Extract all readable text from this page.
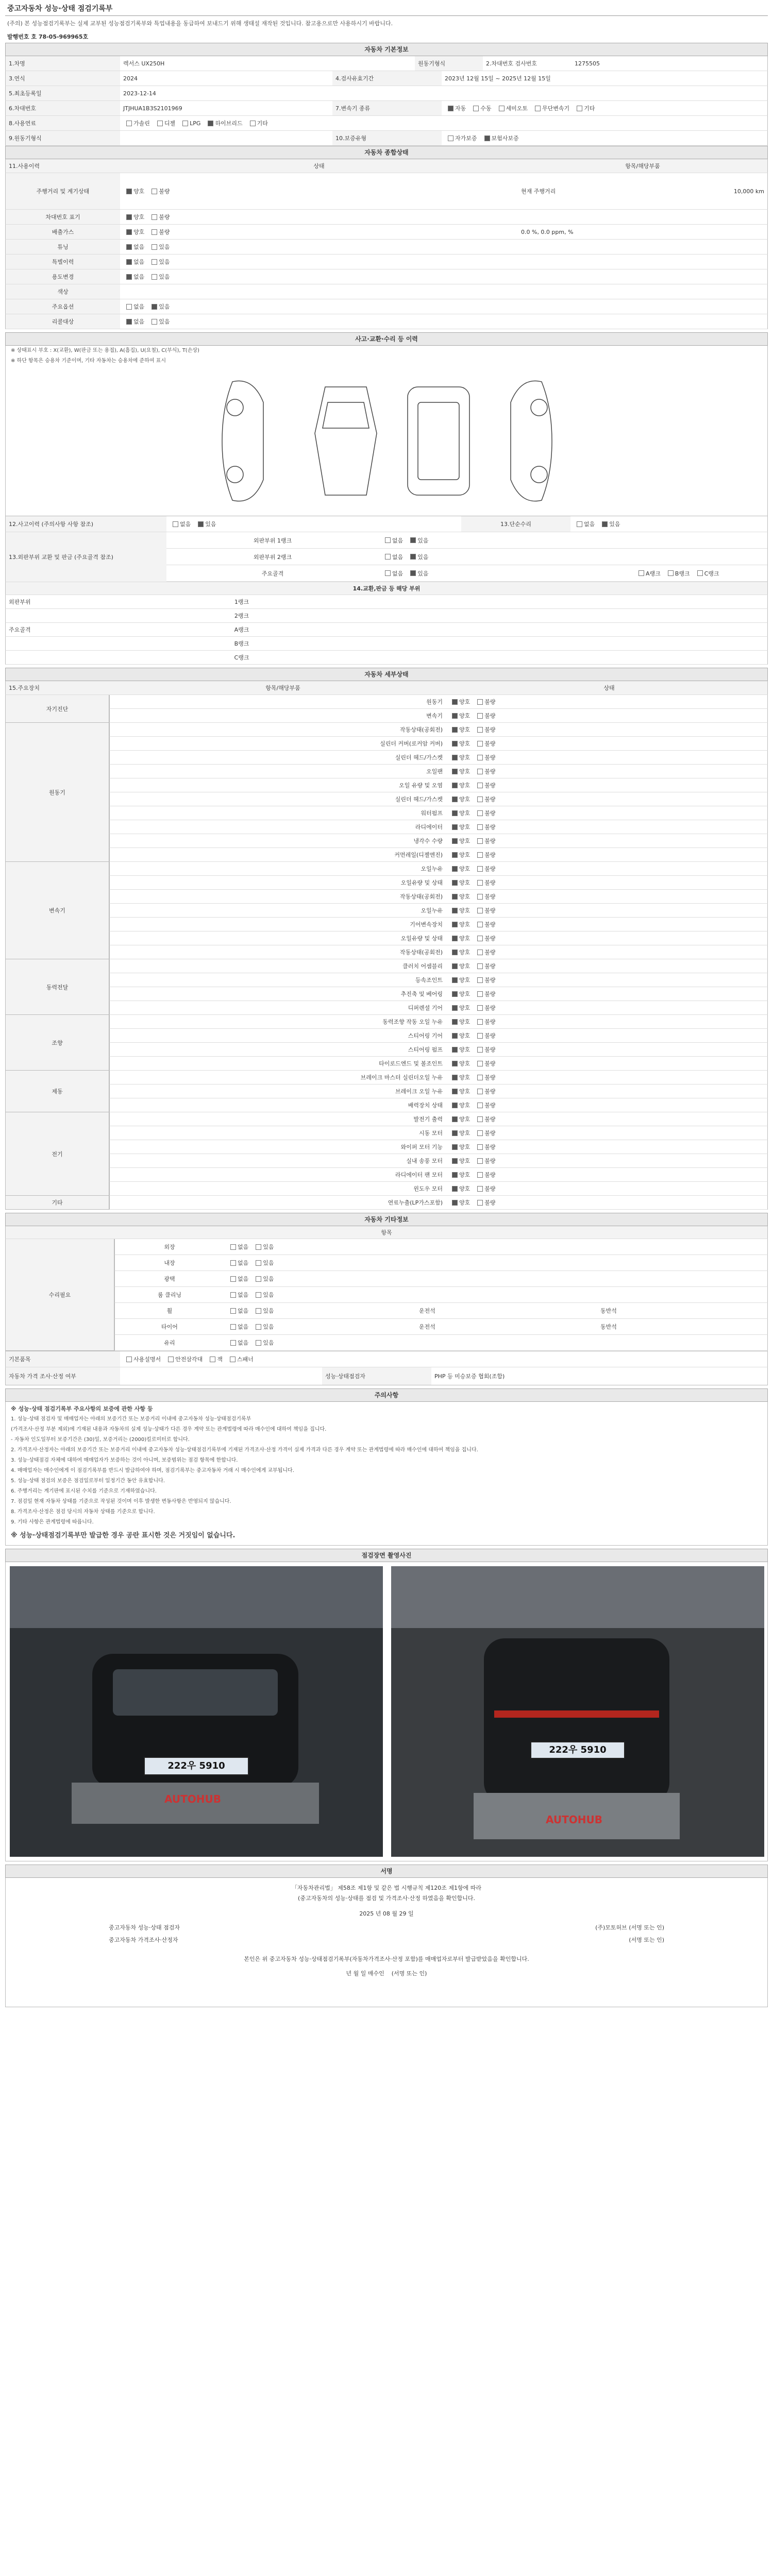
중고자동차 성능·상태 점검기록부
(주의) 본 성능점검기록부는 실제 교부된 성능점검기록부와 특업내용을 동급하여 보내드기 위해 생태설 재작된 것입니다. 참고용으로만 사용하시기 바랍니다.
발행번호 호 78-05-969965호
자동차 기본정보
1.차명	렉서스 UX250H	원동기형식	2.차대번호 검사번호	1275505
3.연식	2024	4.검사유효기간	2023년 12월 15일 ~ 2025년 12월 15일
5.최초등록일	2023-12-14
6.차대번호	JTJHUA1B3S2101969	7.변속기 종류	자동	수동	세미오토	무단변속기	기타
8.사용연료	가솔린	디젤	LPG	하이브리드	기타
9.원동기형식	10.보증유형	자가보증	보험사보증
자동차 종합상태
11.사용이력	상태	항목/해당부품
주행거리 및 계기상태	양호	불량	현재 주행거리	10,000 km
차대번호 표기	양호	불량
배출가스	양호	불량	0.0 %, 0.0 ppm, %
튜닝	없음	있음
특별이력	없음	있음
용도변경	없음	있음
색상
주요옵션	없음	있음
리콜대상	없음	있음
사고·교환·수리 등 이력
※ 상태표시 부호 : X(교환), W(판금 또는 용접), A(흠집), U(요철), C(부식), T(손상)
※ 하단 항목은 승용차 기준이며, 기타 자동차는 승용차에 준하여 표시
12.사고이력 (주의사항 사항 참조)	없음	있음	13.단순수리	없음	있음
13.외판부위 교환 및 판금 (주요골격 참조)
외판부위 1랭크	없음	있음
외판부위 2랭크	없음	있음
주요골격	없음	있음	A랭크	B랭크	C랭크
14.교환,판금 등 해당 부위
외판부위	1랭크
2랭크
주요골격	A랭크
B랭크
C랭크
자동차 세부상태
15.주요장치	항목/해당부품	상태
자기진단
원동기	양호	불량
변속기	양호	불량
원동기
작동상태(공회전)	양호	불량
실린더 커버(로커암 커버)	양호	불량
실린더 헤드/가스켓	양호	불량
오일팬	양호	불량
오일 유량 및 오염	양호	불량
실린더 헤드/가스켓	양호	불량
워터펌프	양호	불량
라디에이터	양호	불량
냉각수 수량	양호	불량
커먼레일(디젤엔진)	양호	불량
변속기
오일누유	양호	불량
오일유량 및 상태	양호	불량
작동상태(공회전)	양호	불량
오일누유	양호	불량
기어변속장치	양호	불량
오일유량 및 상태	양호	불량
작동상태(공회전)	양호	불량
동력전달
클러치 어셈블리	양호	불량
등속조인트	양호	불량
추진축 및 베어링	양호	불량
디퍼렌셜 기어	양호	불량
조향
동력조향 작동 오일 누유	양호	불량
스티어링 기어	양호	불량
스티어링 펌프	양호	불량
타이로드엔드 및 볼조인트	양호	불량
제동
브레이크 마스터 실린더오일 누유	양호	불량
브레이크 오일 누유	양호	불량
배력장치 상태	양호	불량
전기
발전기 출력	양호	불량
시동 모터	양호	불량
와이퍼 모터 기능	양호	불량
실내 송풍 모터	양호	불량
라디에이터 팬 모터	양호	불량
윈도우 모터	양호	불량
기타	연료누출(LP가스포함)	양호	불량
자동차 기타정보
항목
수리필요
외장	없음	있음
내장	없음	있음
광택	없음	있음
룸 클리닝	없음	있음
휠	없음	있음	운전석	동반석
타이어	없음	있음	운전석	동반석
유리	없음	있음
기본품목	사용설명서	안전삼각대	잭	스패너
자동차 가격 조사·산정 여부	성능·상태점검자	PHP 등 미승보증 협회(조합)
주의사항
※ 성능·상태 점검기록부 주요사항의 보증에 관한 사항 등
1. 성능·상태 점검자 및 매매업자는 아래의 보증기간 또는 보증거리 이내에 중고자동차 성능·상태점검기록부
(가격조사·산정 부분 제외)에 기재된 내용과 자동차의 실제 성능·상태가 다른 경우 계약 또는 관계법령에 따라 매수인에 대하여 책임을 집니다.
- 자동차 인도일부터 보증기간은 (30)일, 보증거리는 (2000)킬로미터로 합니다.
2. 가격조사·산정자는 아래의 보증기간 또는 보증거리 이내에 중고자동차 성능·상태점검기록부에 기재된 가격조사·산정 가격이 실제 가격과 다른 경우 계약 또는 관계법령에 따라 매수인에 대하여 책임을 집니다.
3. 성능·상태점검 자체에 대하여 매매업자가 보증하는 것이 아니며, 보증범위는 점검 항목에 한합니다.
4. 매매업자는 매수인에게 이 점검기록부를 반드시 발급하여야 하며, 점검기록부는 중고자동차 거래 시 매수인에게 교부됩니다.
5. 성능·상태 점검의 보증은 점검일로부터 일정기간 동안 유효합니다.
6. 주행거리는 계기판에 표시된 수치를 기준으로 기재하였습니다.
7. 점검일 현재 자동차 상태를 기준으로 작성된 것이며 이후 발생한 변동사항은 반영되지 않습니다.
8. 가격조사·산정은 점검 당시의 자동차 상태를 기준으로 합니다.
9. 기타 사항은 관계법령에 따릅니다.
※ 성능·상태점검기록부만 발급한 경우 공란 표시한 것은 거짓임이 없습니다.
점검장면 촬영사진
222우 5910
AUTOHUB
222우 5910
AUTOHUB
서명
「자동차관리법」 제58조 제1항 및 같은 법 시행규칙 제120조 제1항에 따라
(중고자동차의 성능·상태를 점검 및 가격조사·산정 하였음을 확인합니다.
2025 년 08 월 29 일
중고자동차 성능·상태 점검자	(주)모토허브 (서명 또는 인)
중고자동차 가격조사·산정자	(서명 또는 인)
본인은 위 중고자동차 성능·상태점검기록부(자동차가격조사·산정 포함)를 매매업자로부터 발급받았음을 확인합니다.
년 월 일 매수인 (서명 또는 인)
